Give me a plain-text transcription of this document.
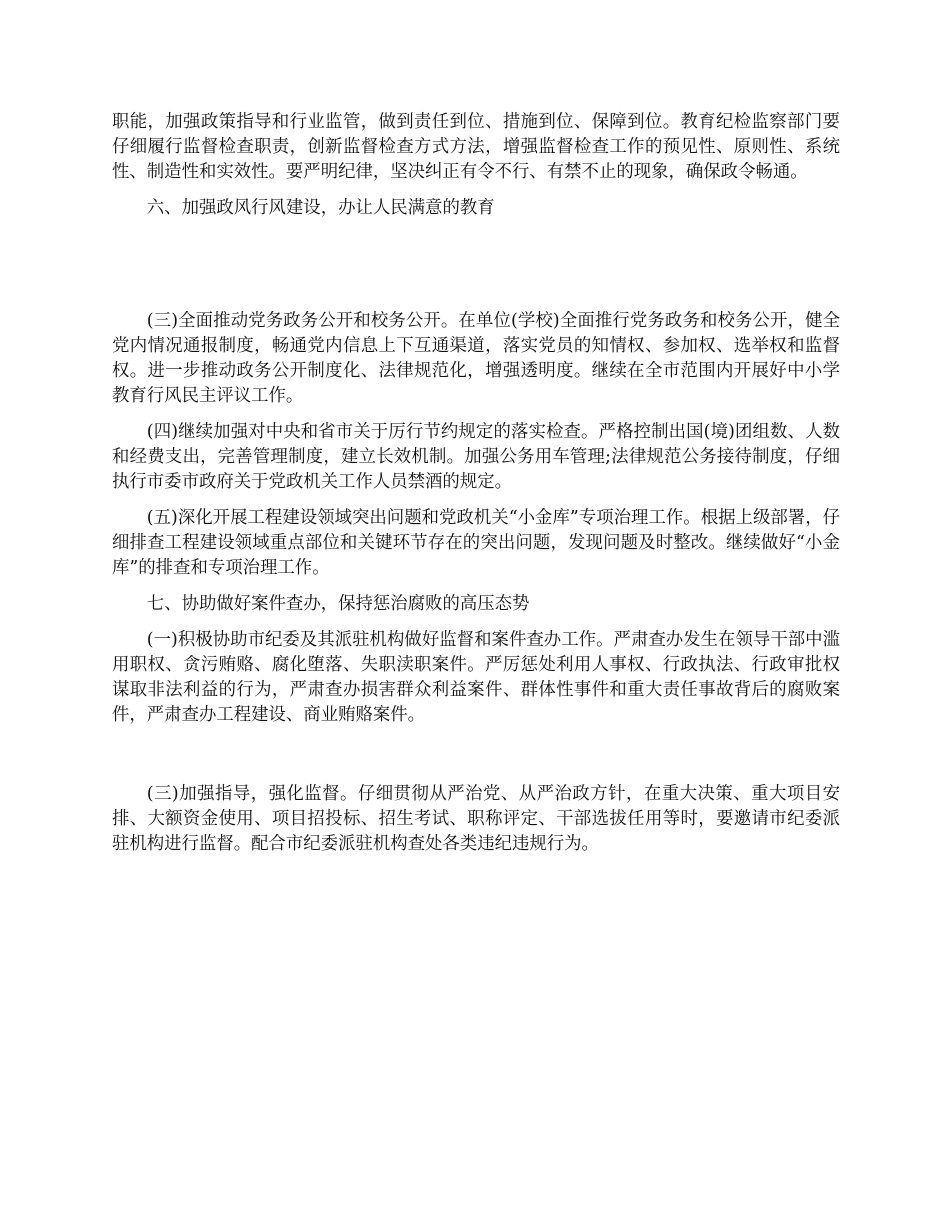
职能，加强政策指导和行业监管，做到责任到位、措施到位、保障到位。教育纪检监察部门要仔细履行监督检查职责，创新监督检查方式方法，增强监督检查工作的预见性、原则性、系统性、制造性和实效性。要严明纪律，坚决纠正有令不行、有禁不止的现象，确保政令畅通。

六、加强政风行风建设，办让人民满意的教育

(三)全面推动党务政务公开和校务公开。在单位(学校)全面推行党务政务和校务公开，健全党内情况通报制度，畅通党内信息上下互通渠道，落实党员的知情权、参加权、选举权和监督权。进一步推动政务公开制度化、法律规范化，增强透明度。继续在全市范围内开展好中小学教育行风民主评议工作。

(四)继续加强对中央和省市关于厉行节约规定的落实检查。严格控制出国(境)团组数、人数和经费支出，完善管理制度，建立长效机制。加强公务用车管理;法律规范公务接待制度，仔细执行市委市政府关于党政机关工作人员禁酒的规定。

(五)深化开展工程建设领域突出问题和党政机关“小金库”专项治理工作。根据上级部署，仔细排查工程建设领域重点部位和关键环节存在的突出问题，发现问题及时整改。继续做好“小金库”的排查和专项治理工作。

七、协助做好案件查办，保持惩治腐败的高压态势

(一)积极协助市纪委及其派驻机构做好监督和案件查办工作。严肃查办发生在领导干部中滥用职权、贪污贿赂、腐化堕落、失职渎职案件。严厉惩处利用人事权、行政执法、行政审批权谋取非法利益的行为，严肃查办损害群众利益案件、群体性事件和重大责任事故背后的腐败案件，严肃查办工程建设、商业贿赂案件。

(三)加强指导，强化监督。仔细贯彻从严治党、从严治政方针，在重大决策、重大项目安排、大额资金使用、项目招投标、招生考试、职称评定、干部选拔任用等时，要邀请市纪委派驻机构进行监督。配合市纪委派驻机构查处各类违纪违规行为。
